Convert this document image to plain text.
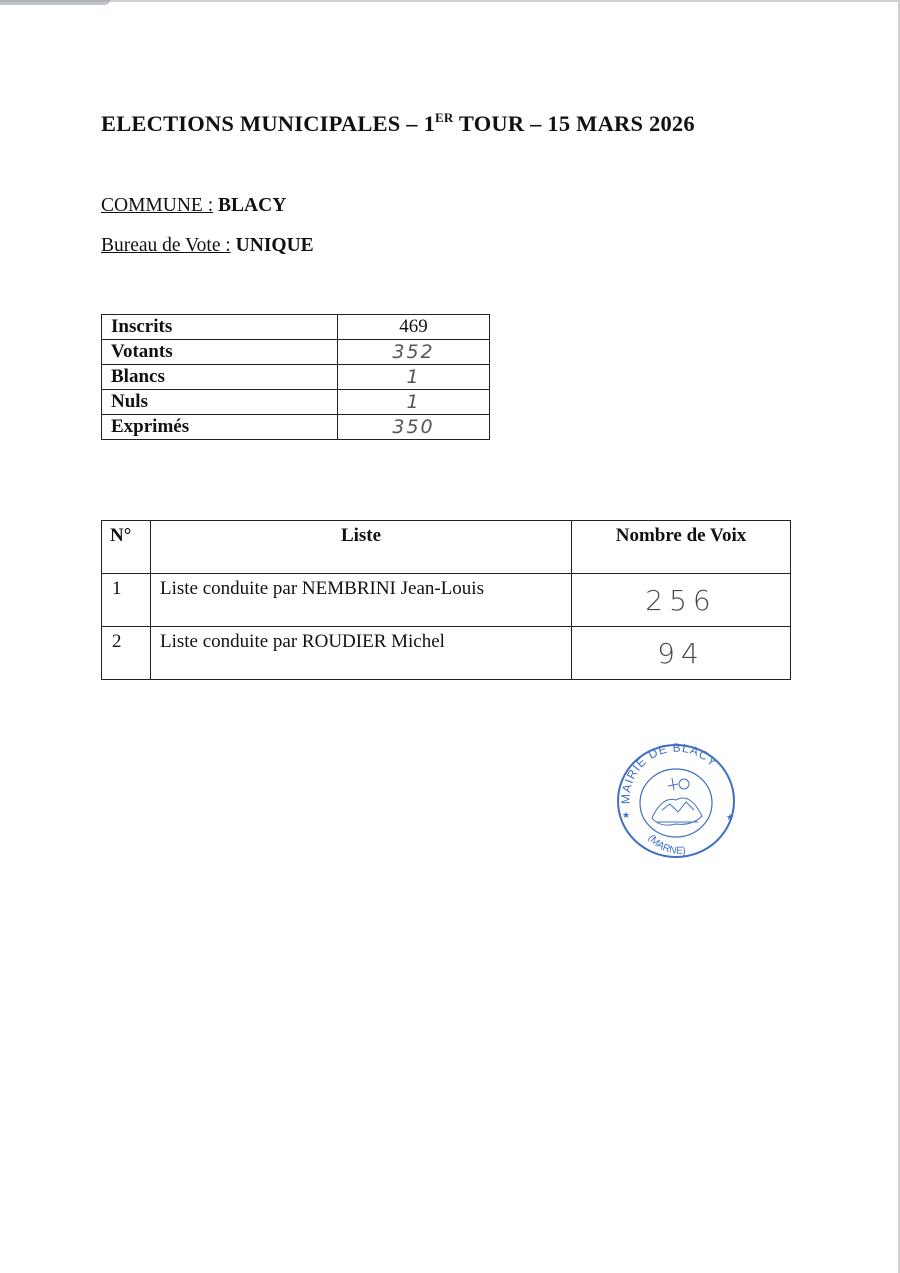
ELECTIONS MUNICIPALES – 1ER TOUR – 15 MARS 2026
COMMUNE : BLACY
Bureau de Vote : UNIQUE
Inscrits	469
Votants	352
Blancs	1
Nuls	1
Exprimés	350
N°	Liste	Nombre de Voix
1	Liste conduite par NEMBRINI Jean-Louis	256
2	Liste conduite par ROUDIER Michel	94
MAIRIE DE BLACY
(MARNE)
★	★
